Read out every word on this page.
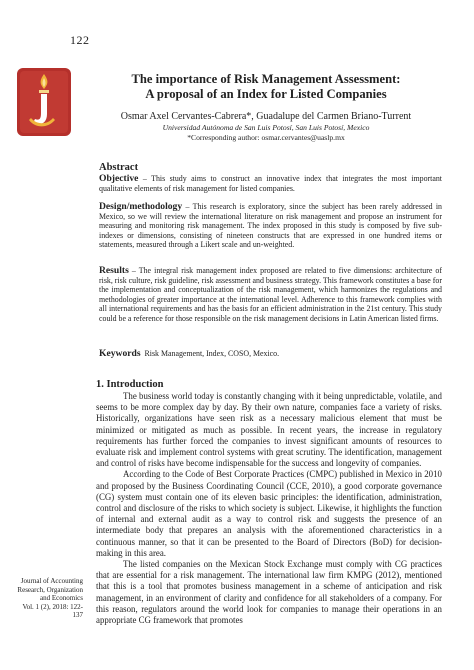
122
The importance of Risk Management Assessment:
A proposal of an Index for Listed Companies
Osmar Axel Cervantes-Cabrera*, Guadalupe del Carmen Briano-Turrent
Universidad Autónoma de San Luis Potosí, San Luis Potosí, Mexico
*Corresponding author: osmar.cervantes@uaslp.mx
Abstract
Objective – This study aims to construct an innovative index that integrates the most important qualitative elements of risk management for listed companies.
Design/methodology – This research is exploratory, since the subject has been rarely addressed in Mexico, so we will review the international literature on risk management and propose an instrument for measuring and monitoring risk management. The index proposed in this study is composed by five sub-indexes or dimensions, consisting of nineteen constructs that are expressed in one hundred items or statements, measured through a Likert scale and un-weighted.
Results – The integral risk management index proposed are related to five dimensions: architecture of risk, risk culture, risk guideline, risk assessment and business strategy. This framework constitutes a base for the implementation and conceptualization of the risk management, which harmonizes the regulations and methodologies of greater importance at the international level. Adherence to this framework complies with all international requirements and has the basis for an efficient administration in the 21st century. This study could be a reference for those responsible on the risk management decisions in Latin American listed firms.
Keywords Risk Management, Index, COSO, Mexico.
1. Introduction

The business world today is constantly changing with it being unpredictable, volatile, and seems to be more complex day by day. By their own nature, companies face a variety of risks. Historically, organizations have seen risk as a necessary malicious element that must be minimized or mitigated as much as possible. In recent years, the increase in regulatory requirements has further forced the companies to invest significant amounts of resources to evaluate risk and implement control systems with great scrutiny. The identification, management and control of risks have become indispensable for the success and longevity of companies.

According to the Code of Best Corporate Practices (CMPC) published in Mexico in 2010 and proposed by the Business Coordinating Council (CCE, 2010), a good corporate governance (CG) system must contain one of its eleven basic principles: the identification, administration, control and disclosure of the risks to which society is subject. Likewise, it highlights the function of internal and external audit as a way to control risk and suggests the presence of an intermediate body that prepares an analysis with the aforementioned characteristics in a continuous manner, so that it can be presented to the Board of Directors (BoD) for decision-making in this area.

The listed companies on the Mexican Stock Exchange must comply with CG practices that are essential for a risk management. The international law firm KMPG (2012), mentioned that this is a tool that promotes business management in a scheme of anticipation and risk management, in an environment of clarity and confidence for all stakeholders of a company. For this reason, regulators around the world look for companies to manage their operations in an appropriate CG framework that promotes

Journal of Accounting
Research, Organization
and Economics
Vol. 1 (2), 2018: 122-137
